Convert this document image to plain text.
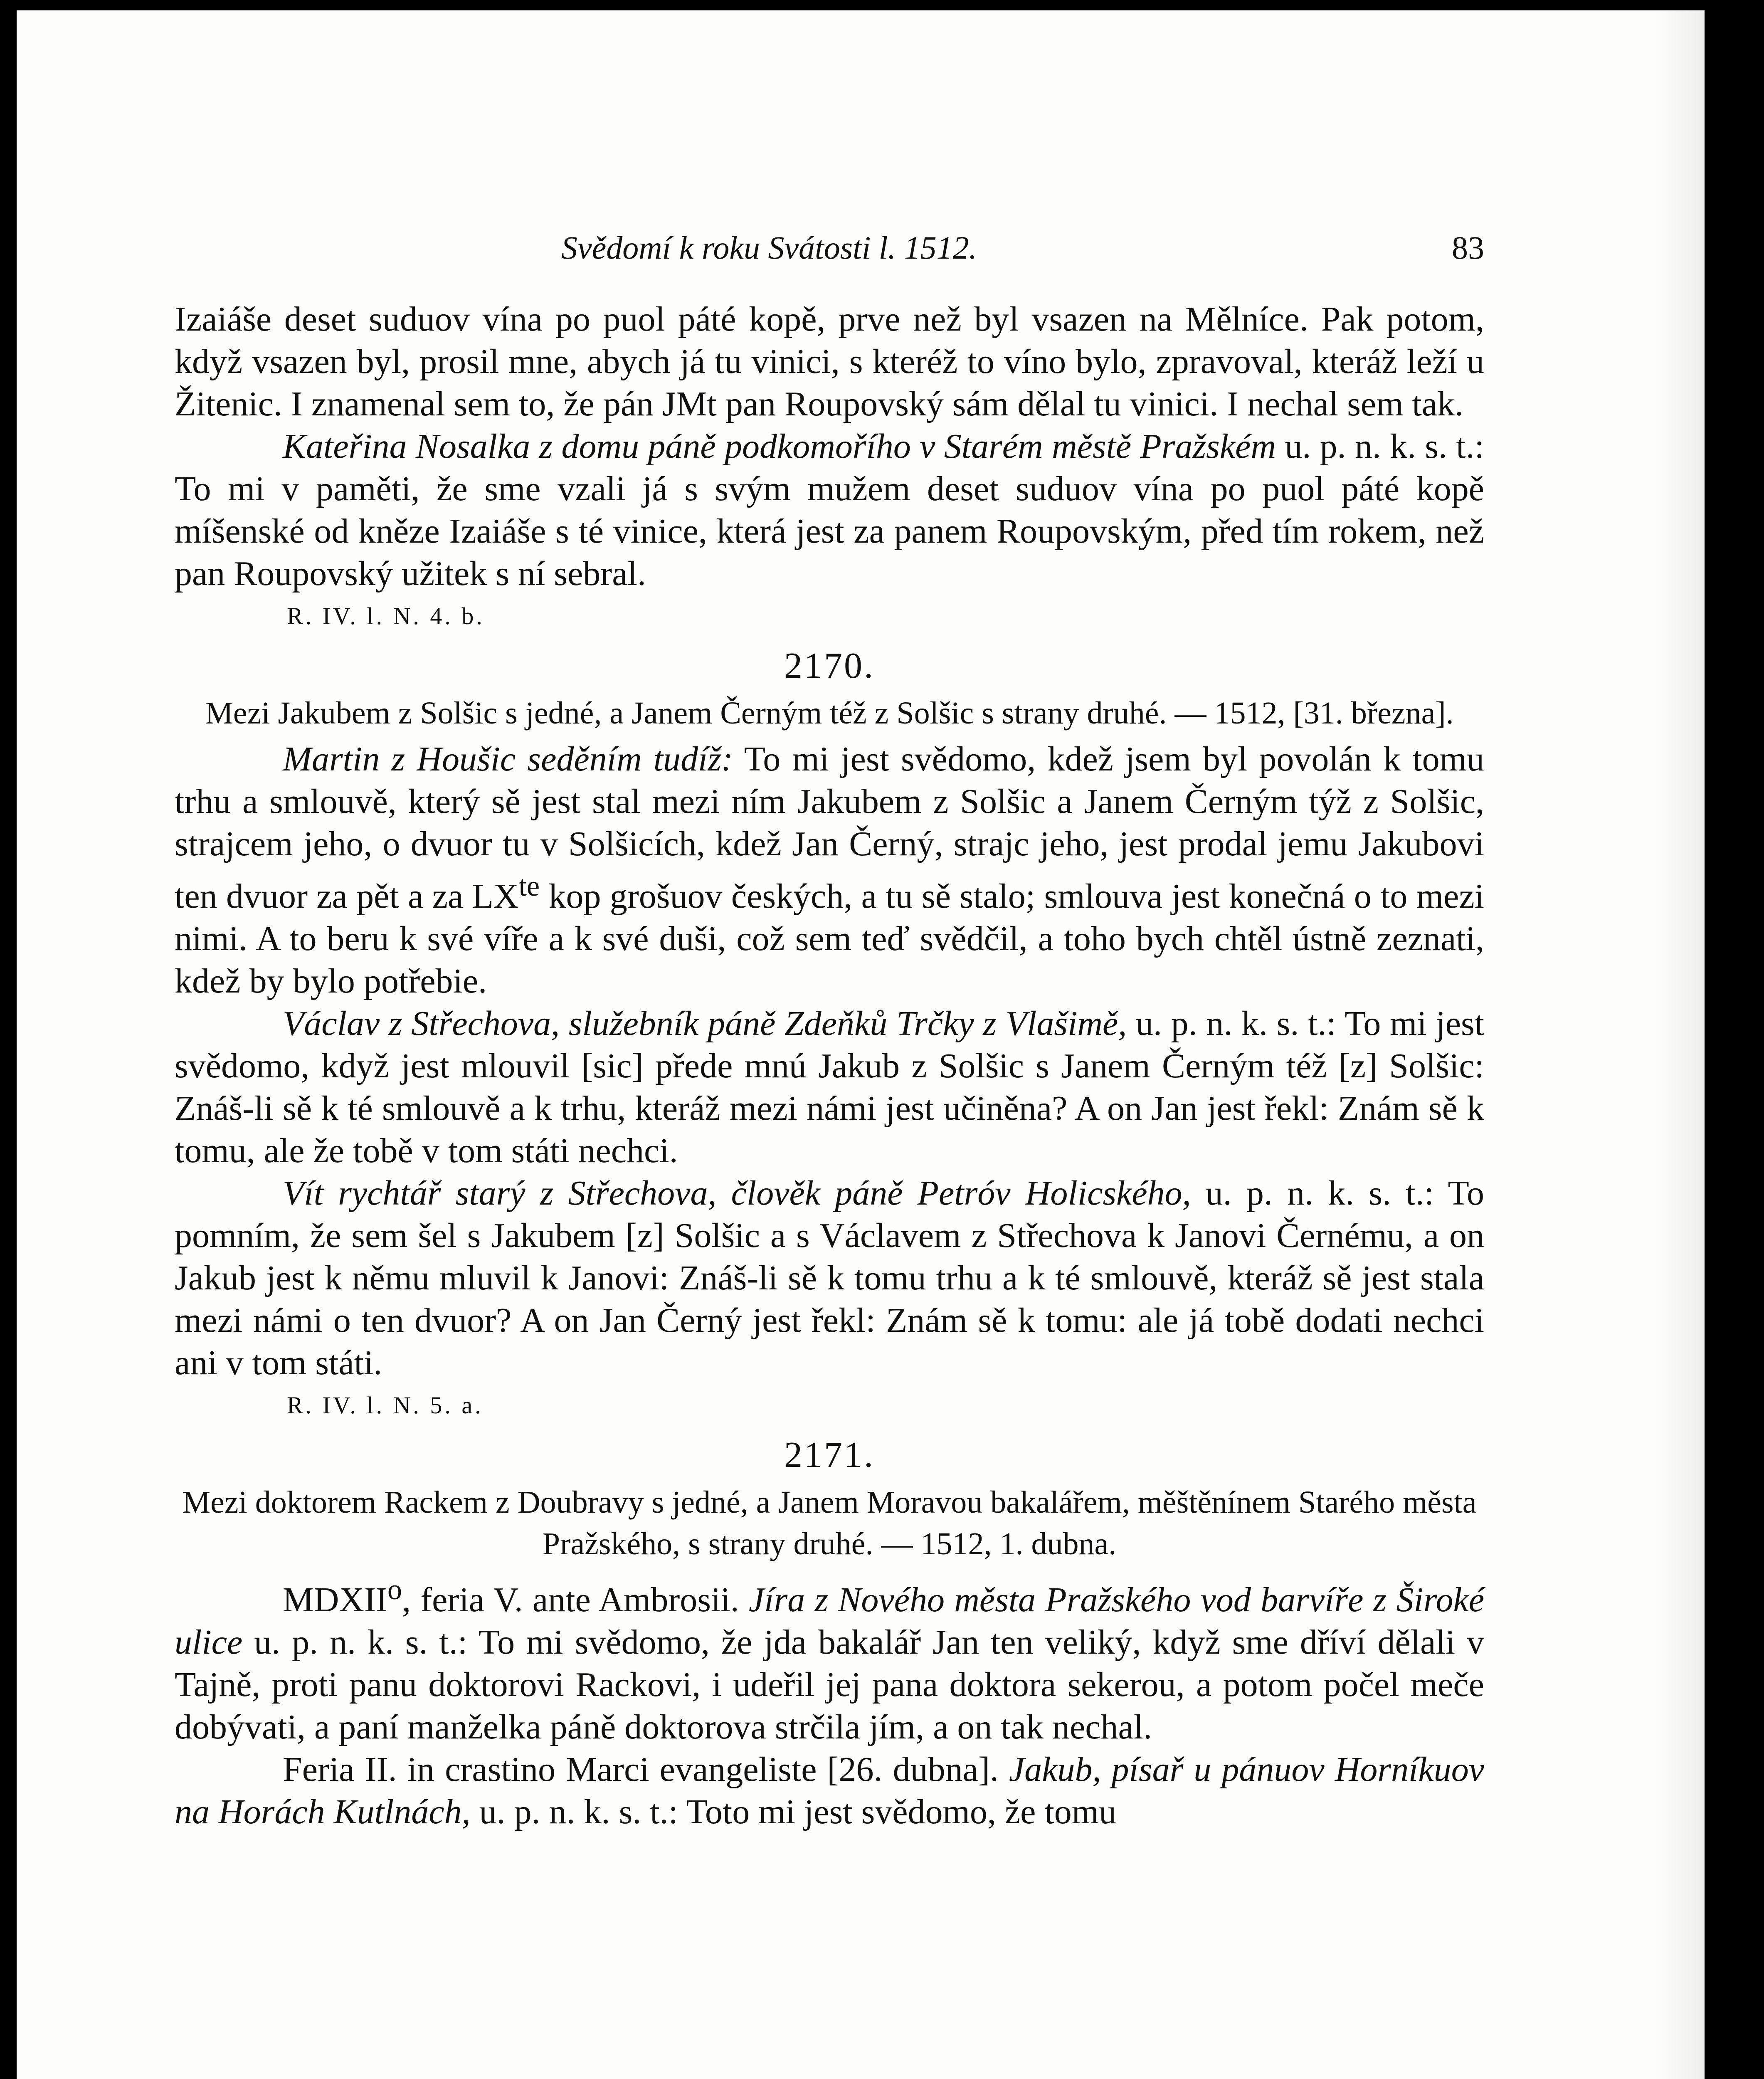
Svědomí k roku Svátosti l. 1512.	83

Izaiáše deset suduov vína po puol páté kopě, prve než byl vsazen na Mělníce. Pak potom, když vsazen byl, prosil mne, abych já tu vinici, s kteréž to víno bylo, zpravoval, kteráž leží u Žitenic. I znamenal sem to, že pán JMt pan Roupovský sám dělal tu vinici. I nechal sem tak.

Kateřina Nosalka z domu páně podkomořího v Starém městě Pražském u. p. n. k. s. t.: To mi v paměti, že sme vzali já s svým mužem deset suduov vína po puol páté kopě míšenské od kněze Izaiáše s té vinice, která jest za panem Roupovským, před tím rokem, než pan Roupovský užitek s ní sebral.

R. IV. l. N. 4. b.
2170.
Mezi Jakubem z Solšic s jedné, a Janem Černým též z Solšic s strany druhé. — 1512, [31. března].

Martin z Houšic seděním tudíž: To mi jest svědomo, kdež jsem byl povolán k tomu trhu a smlouvě, který sě jest stal mezi ním Jakubem z Solšic a Janem Černým týž z Solšic, strajcem jeho, o dvuor tu v Solšicích, kdež Jan Černý, strajc jeho, jest prodal jemu Jakubovi ten dvuor za pět a za $LX^{te}$ kop grošuov českých, a tu sě stalo; smlouva jest konečná o to mezi nimi. A to beru k své víře a k své duši, což sem teď svědčil, a toho bych chtěl ústně zeznati, kdež by bylo potřebie.

Václav z Střechova, služebník páně Zdeňků Trčky z Vlašimě, u. p. n. k. s. t.: To mi jest svědomo, když jest mlouvil [sic] přede mnú Jakub z Solšic s Janem Černým též [z] Solšic: Znáš-li sě k té smlouvě a k trhu, kteráž mezi námi jest učiněna? A on Jan jest řekl: Znám sě k tomu, ale že tobě v tom státi nechci.

Vít rychtář starý z Střechova, člověk páně Petróv Holicského, u. p. n. k. s. t.: To pomním, že sem šel s Jakubem [z] Solšic a s Václavem z Střechova k Janovi Černému, a on Jakub jest k němu mluvil k Janovi: Znáš-li sě k tomu trhu a k té smlouvě, kteráž sě jest stala mezi námi o ten dvuor? A on Jan Černý jest řekl: Znám sě k tomu: ale já tobě dodati nechci ani v tom státi.

R. IV. l. N. 5. a.
2171.
Mezi doktorem Rackem z Doubravy s jedné, a Janem Moravou bakalářem, měštěnínem Starého města Pražského, s strany druhé. — 1512, 1. dubna.

MDXII$^o$, feria V. ante Ambrosii. Jíra z Nového města Pražského vod barvíře z Široké ulice u. p. n. k. s. t.: To mi svědomo, že jda bakalář Jan ten veliký, když sme dříví dělali v Tajně, proti panu doktorovi Rackovi, i udeřil jej pana doktora sekerou, a potom počel meče dobývati, a paní manželka páně doktorova strčila jím, a on tak nechal.

Feria II. in crastino Marci evangeliste [26. dubna]. Jakub, písař u pánuov Horníkuov na Horách Kutlnách, u. p. n. k. s. t.: Toto mi jest svědomo, že tomu
